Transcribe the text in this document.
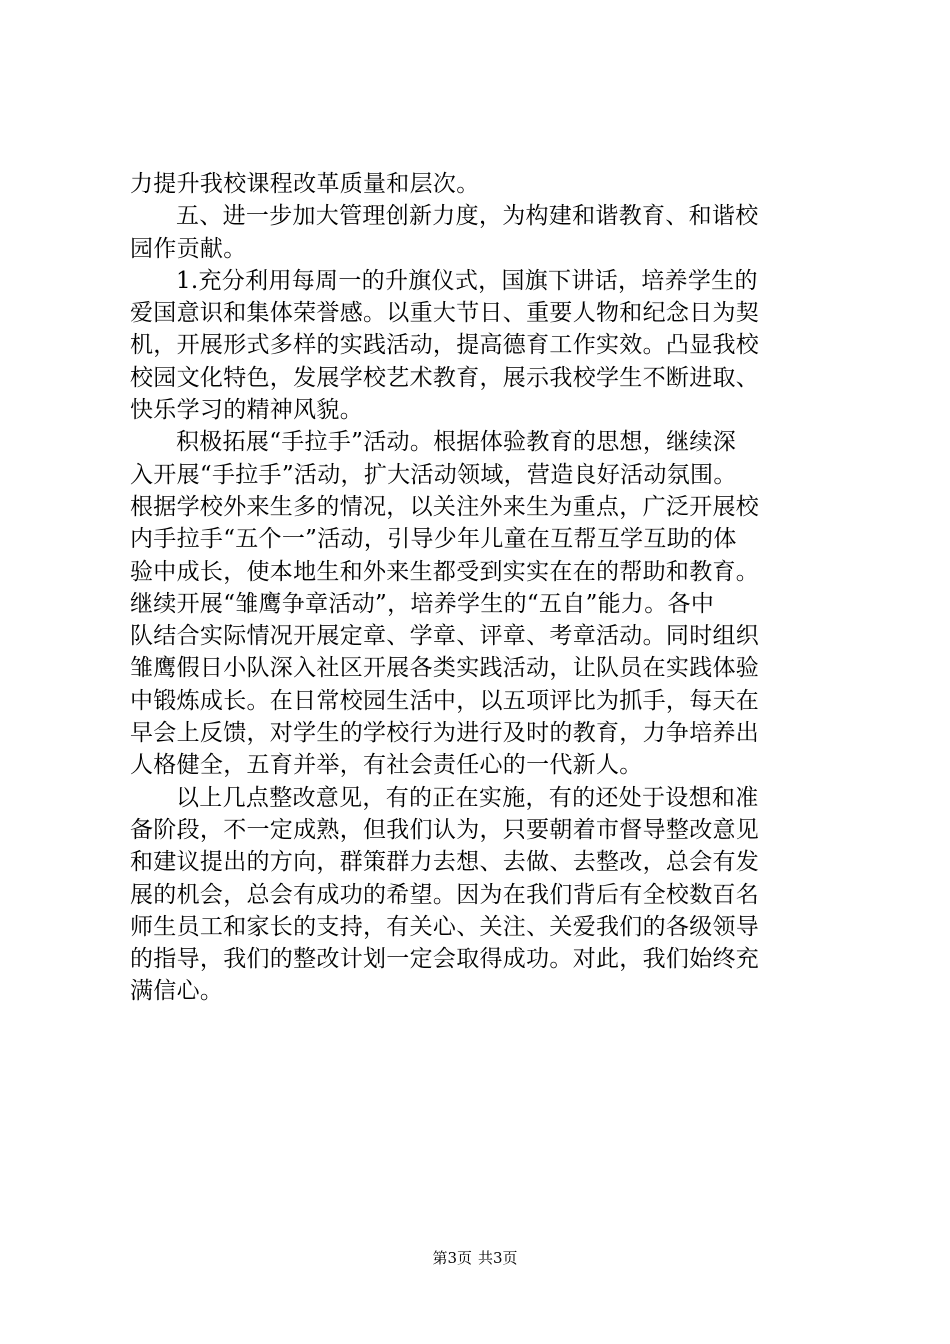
力提升我校课程改革质量和层次。
五、进一步加大管理创新力度，为构建和谐教育、和谐校
园作贡献。
1.充分利用每周一的升旗仪式，国旗下讲话，培养学生的
爱国意识和集体荣誉感。以重大节日、重要人物和纪念日为契
机，开展形式多样的实践活动，提高德育工作实效。凸显我校
校园文化特色，发展学校艺术教育，展示我校学生不断进取、
快乐学习的精神风貌。
积极拓展“手拉手”活动。根据体验教育的思想，继续深
入开展“手拉手”活动，扩大活动领域，营造良好活动氛围。
根据学校外来生多的情况，以关注外来生为重点，广泛开展校
内手拉手“五个一”活动，引导少年儿童在互帮互学互助的体
验中成长，使本地生和外来生都受到实实在在的帮助和教育。
继续开展“雏鹰争章活动”，培养学生的“五自”能力。各中
队结合实际情况开展定章、学章、评章、考章活动。同时组织
雏鹰假日小队深入社区开展各类实践活动，让队员在实践体验
中锻炼成长。在日常校园生活中，以五项评比为抓手，每天在
早会上反馈，对学生的学校行为进行及时的教育，力争培养出
人格健全，五育并举，有社会责任心的一代新人。
以上几点整改意见，有的正在实施，有的还处于设想和准
备阶段，不一定成熟，但我们认为，只要朝着市督导整改意见
和建议提出的方向，群策群力去想、去做、去整改，总会有发
展的机会，总会有成功的希望。因为在我们背后有全校数百名
师生员工和家长的支持，有关心、关注、关爱我们的各级领导
的指导，我们的整改计划一定会取得成功。对此，我们始终充
满信心。
第3页 共3页
